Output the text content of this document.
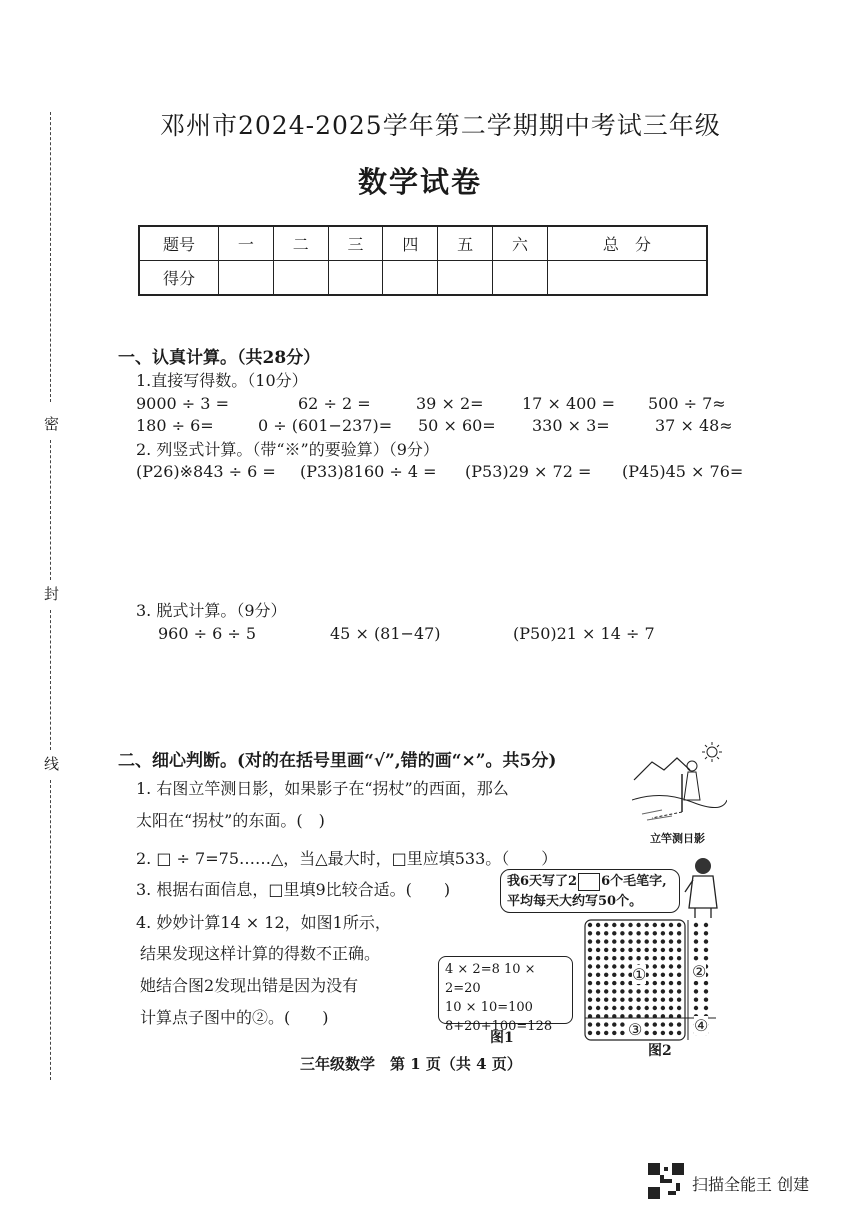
密
封
线
邓州市2024-2025学年第二学期期中考试三年级
数学试卷
题号	一	二	三	四	五	六	总　分
得分							
一、认真计算。（共28分）
1.直接写得数。（10分）
9000 ÷ 3 =	62 ÷ 2 =	39 × 2= 17 × 400 = 500 ÷ 7≈
180 ÷ 6=	0 ÷ (601−237)= 50 × 60= 330 × 3=	37 × 48≈
2. 列竖式计算。（带“※”的要验算）（9分）
(P26)※843 ÷ 6 = (P33)8160 ÷ 4 = (P53)29 × 72 = (P45)45 × 76=
3. 脱式计算。（9分）
960 ÷ 6 ÷ 5	45 × (81−47)	(P50)21 × 14 ÷ 7
二、细心判断。(对的在括号里画“√”,错的画“×”。共5分)
1. 右图立竿测日影，如果影子在“拐杖”的西面，那么
太阳在“拐杖”的东面。(　)
立竿测日影
2. □ ÷ 7=75……△，当△最大时，□里应填533。（　　）
3. 根据右面信息，□里填9比较合适。(　　)	我6天写了2 6个毛笔字,
平均每天大约写50个。
4. 妙妙计算14 × 12，如图1所示，
结果发现这样计算的得数不正确。
她结合图2发现出错是因为没有
计算点子图中的②。(　　)
4 × 2=8 10 × 2=20
10 × 10=100
8+20+100=128
图1
①	②
③	④
图2
三年级数学　第 1 页（共 4 页）
扫描全能王 创建
